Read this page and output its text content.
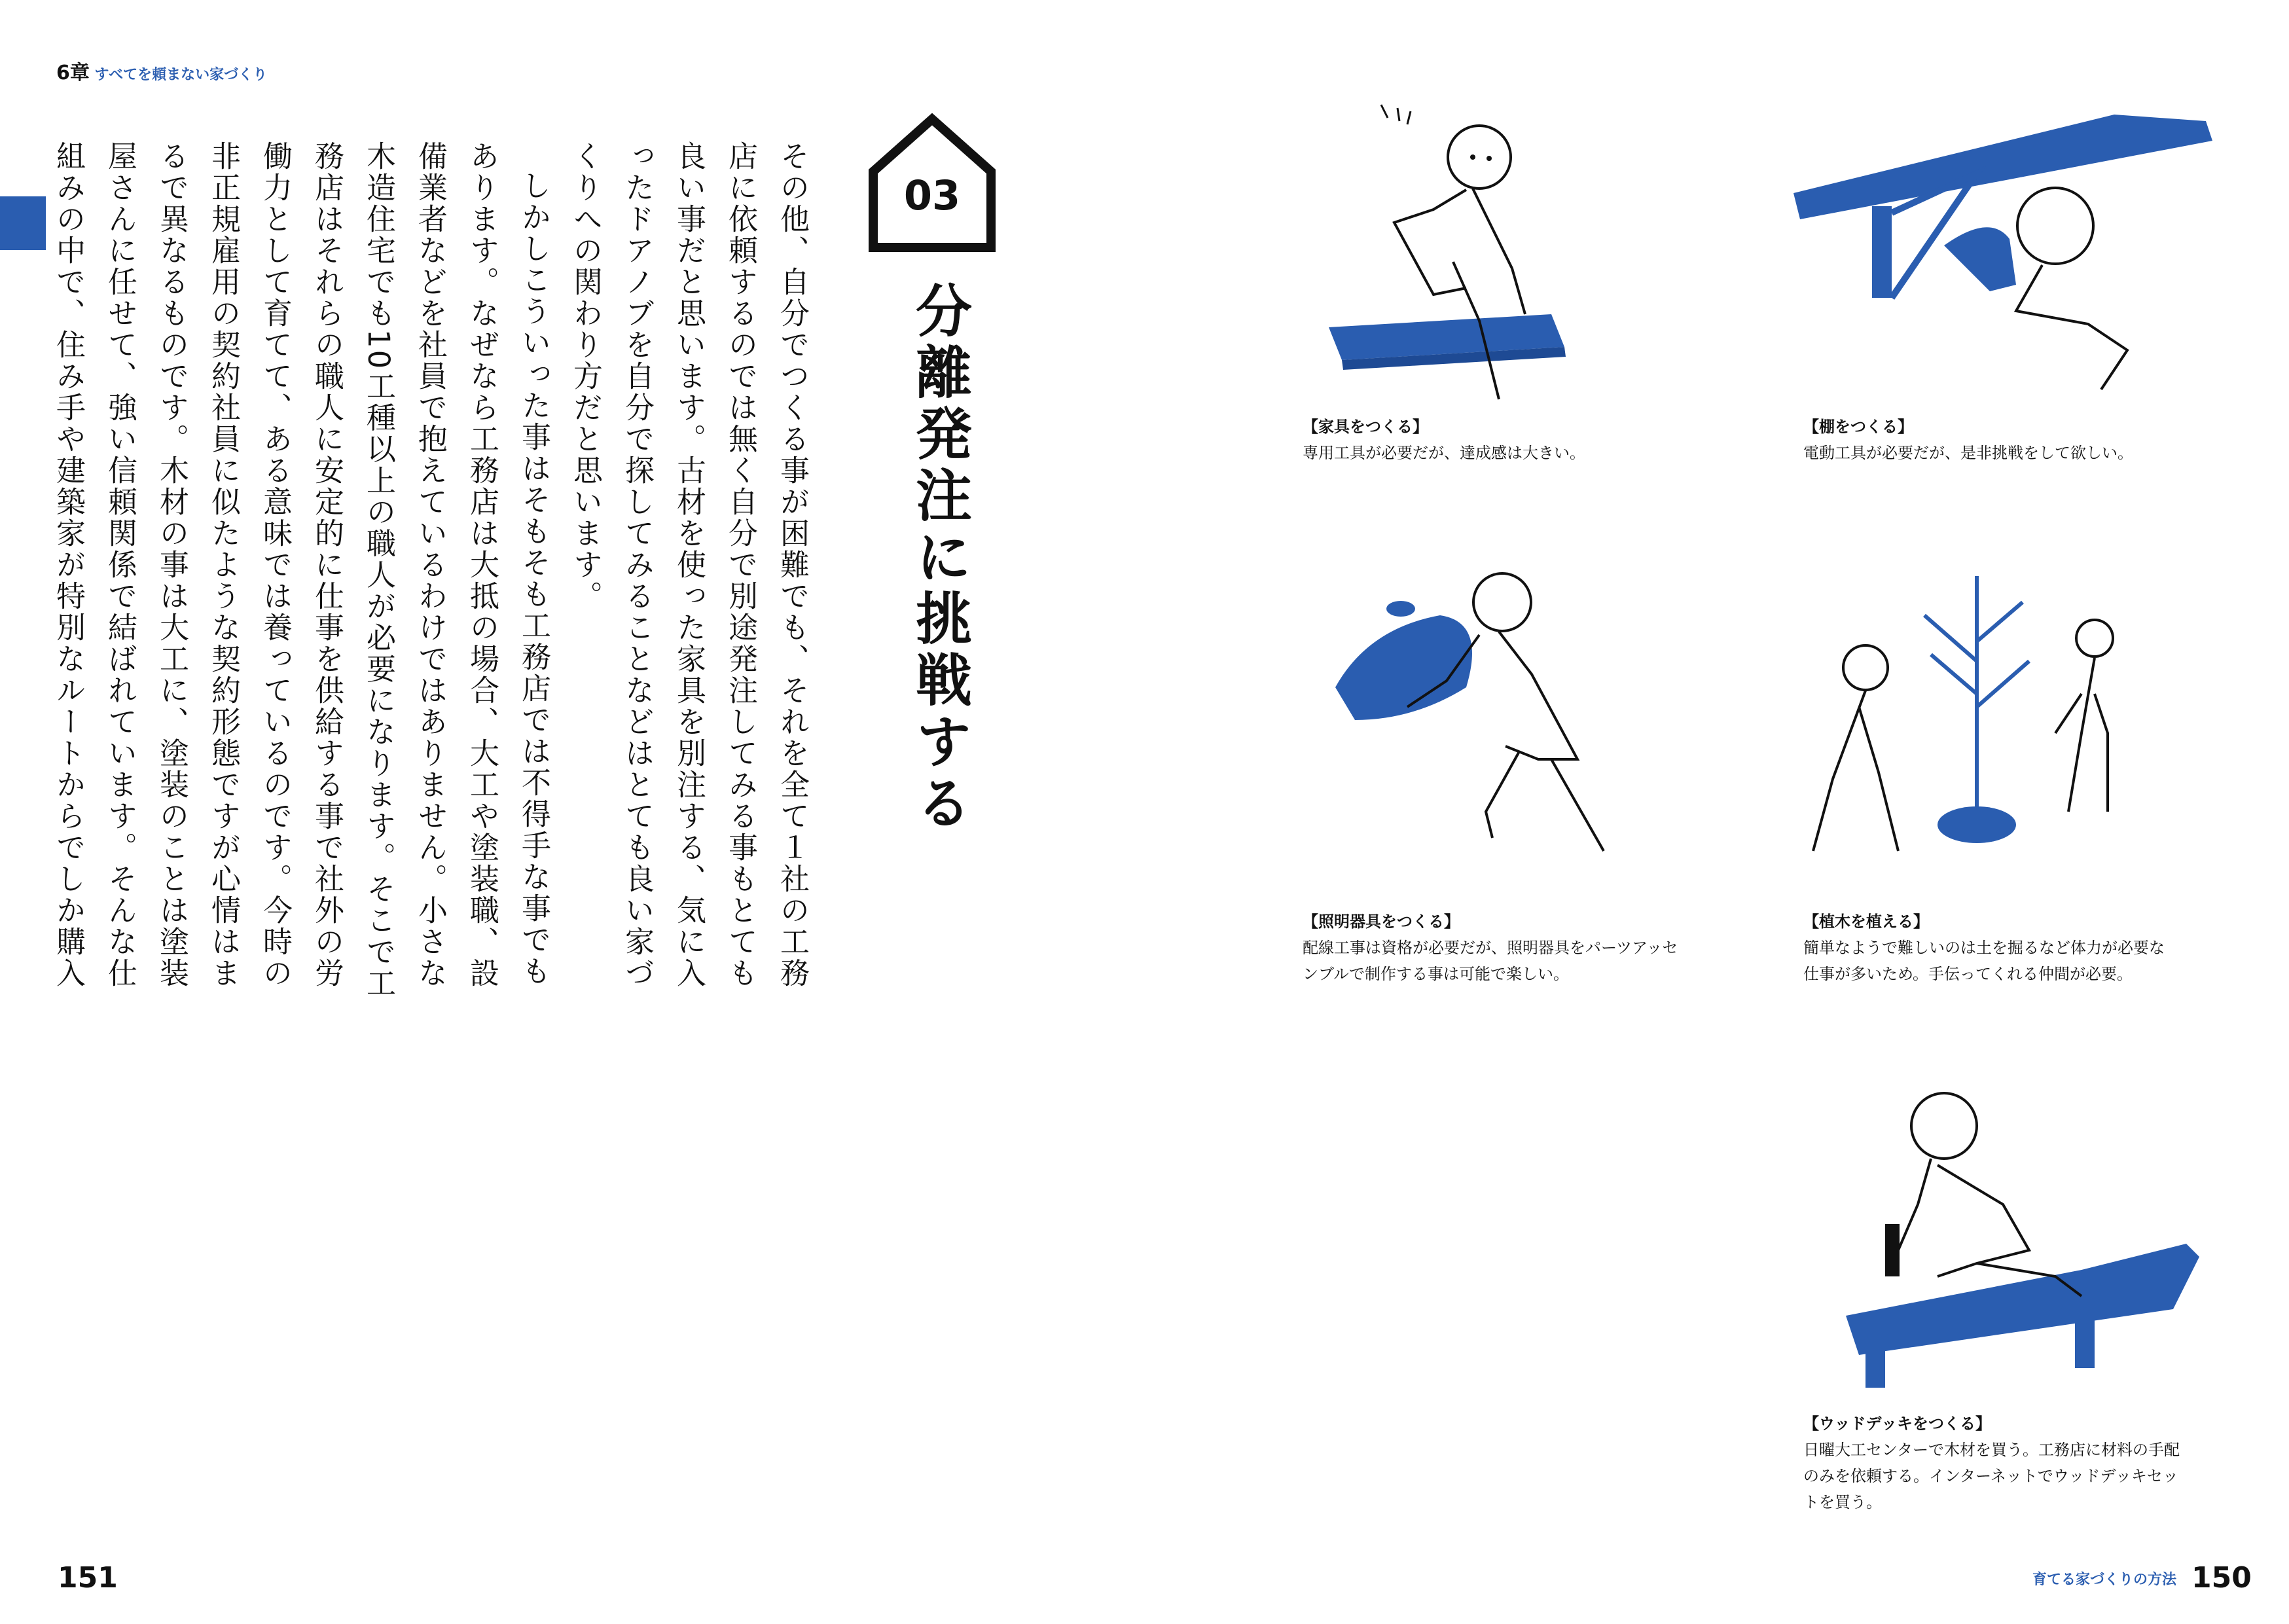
6章 すべてを頼まない家づくり

その他、自分でつくる事が困難でも、それを全て１社の工務店に依頼するのでは無く自分で別途発注してみる事もとても良い事だと思います。古材を使った家具を別注する、気に入ったドアノブを自分で探してみることなどはとても良い家づくりへの関わり方だと思います。

しかしこういった事はそもそも工務店では不得手な事でもあります。なぜなら工務店は大抵の場合、大工や塗装職、設備業者などを社員で抱えているわけではありません。小さな木造住宅でも10工種以上の職人が必要になります。そこで工務店はそれらの職人に安定的に仕事を供給する事で社外の労働力として育てて、ある意味では養っているのです。今時の非正規雇用の契約社員に似たような契約形態ですが心情はまるで異なるものです。木材の事は大工に、塗装のことは塗装屋さんに任せて、強い信頼関係で結ばれています。そんな仕組みの中で、住み手や建築家が特別なルートからでしか購入	03
分離発注に挑戦する	【家具をつくる】
専用工具が必要だが、達成感は大きい。
【棚をつくる】
電動工具が必要だが、是非挑戦をして欲しい。
【照明器具をつくる】
配線工事は資格が必要だが、照明器具をパーツアッセンブルで制作する事は可能で楽しい。
【植木を植える】
簡単なようで難しいのは土を掘るなど体力が必要な仕事が多いため。手伝ってくれる仲間が必要。
【ウッドデッキをつくる】
日曜大工センターで木材を買う。工務店に材料の手配のみを依頼する。インターネットでウッドデッキセットを買う。
151	育てる家づくりの方法 150
